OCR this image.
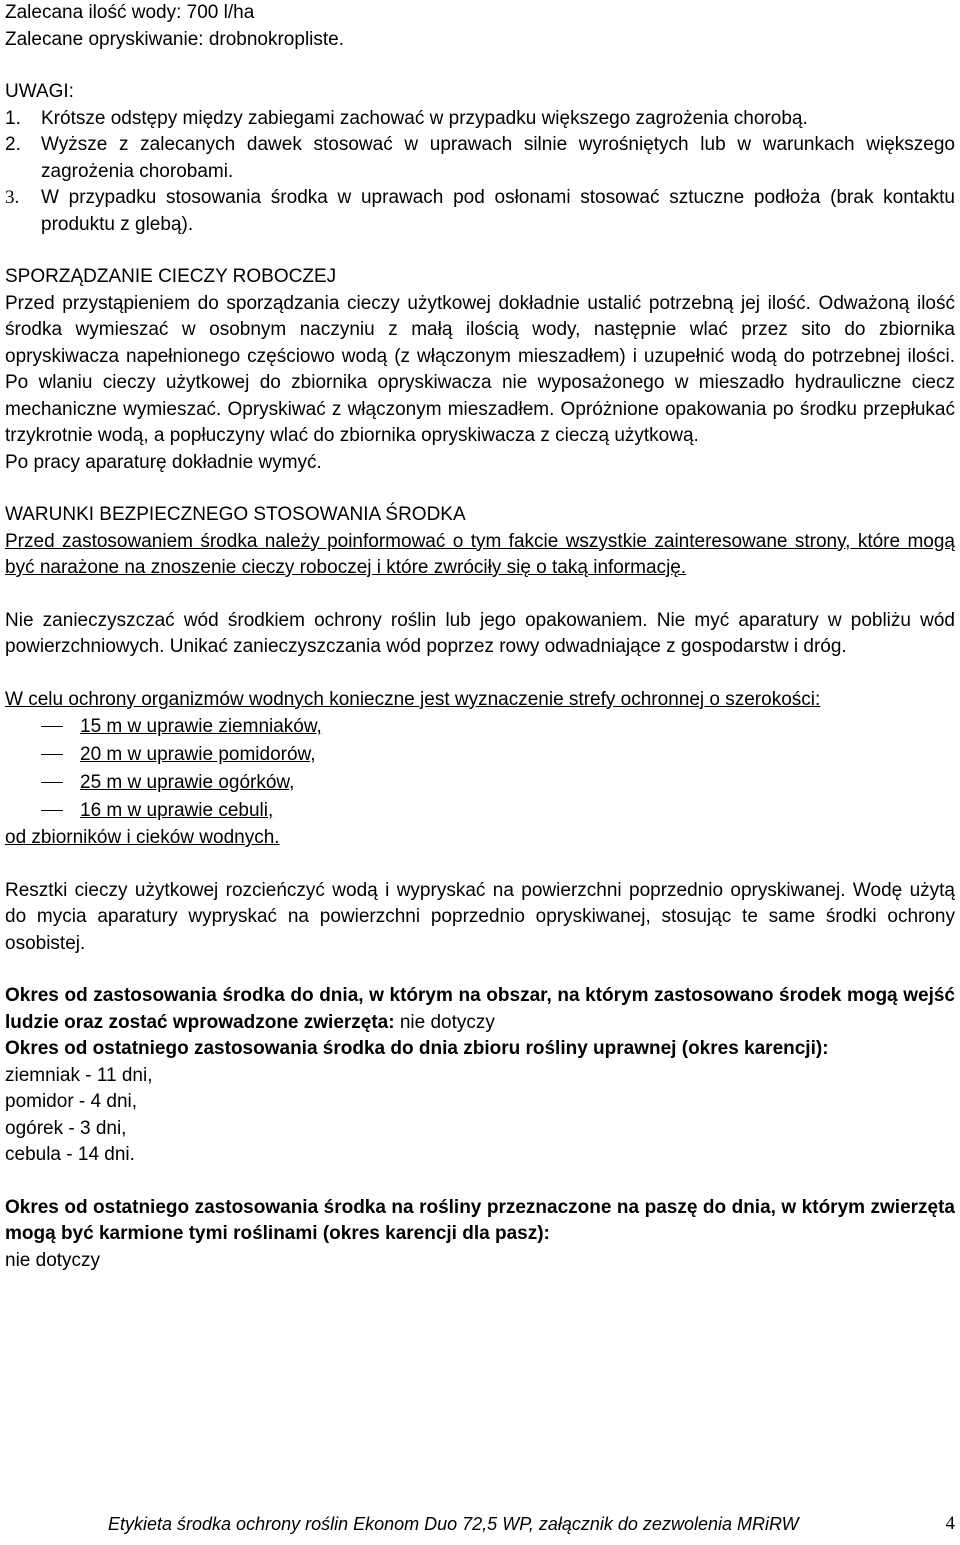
Zalecana ilość wody: 700 l/ha

Zalecane opryskiwanie: drobnokropliste.

UWAGI:

1.	Krótsze odstępy między zabiegami zachować w przypadku większego zagrożenia chorobą.
2.	Wyższe z zalecanych dawek stosować w uprawach silnie wyrośniętych lub w warunkach większego zagrożenia chorobami.
3.	W przypadku stosowania środka w uprawach pod osłonami stosować sztuczne podłoża (brak kontaktu produktu z glebą).

SPORZĄDZANIE CIECZY ROBOCZEJ

Przed przystąpieniem do sporządzania cieczy użytkowej dokładnie ustalić potrzebną jej ilość. Odważoną ilość środka wymieszać w osobnym naczyniu z małą ilością wody, następnie wlać przez sito do zbiornika opryskiwacza napełnionego częściowo wodą (z włączonym mieszadłem) i uzupełnić wodą do potrzebnej ilości. Po wlaniu cieczy użytkowej do zbiornika opryskiwacza nie wyposażonego w mieszadło hydrauliczne ciecz mechaniczne wymieszać. Opryskiwać z włączonym mieszadłem. Opróżnione opakowania po środku przepłukać trzykrotnie wodą, a popłuczyny wlać do zbiornika opryskiwacza z cieczą użytkową.

Po pracy aparaturę dokładnie wymyć.

WARUNKI BEZPIECZNEGO STOSOWANIA ŚRODKA

Przed zastosowaniem środka należy poinformować o tym fakcie wszystkie zainteresowane strony, które mogą być narażone na znoszenie cieczy roboczej i które zwróciły się o taką informację.

Nie zanieczyszczać wód środkiem ochrony roślin lub jego opakowaniem. Nie myć aparatury w pobliżu wód powierzchniowych. Unikać zanieczyszczania wód poprzez rowy odwadniające z gospodarstw i dróg.

W celu ochrony organizmów wodnych konieczne jest wyznaczenie strefy ochronnej o szerokości:

15 m w uprawie ziemniaków,
20 m w uprawie pomidorów,
25 m w uprawie ogórków,
16 m w uprawie cebuli,

od zbiorników i cieków wodnych.

Resztki cieczy użytkowej rozcieńczyć wodą i wypryskać na powierzchni poprzednio opryskiwanej. Wodę użytą do mycia aparatury wypryskać na powierzchni poprzednio opryskiwanej, stosując te same środki ochrony osobistej.

Okres od zastosowania środka do dnia, w którym na obszar, na którym zastosowano środek mogą wejść ludzie oraz zostać wprowadzone zwierzęta: nie dotyczy

Okres od ostatniego zastosowania środka do dnia zbioru rośliny uprawnej (okres karencji):

ziemniak - 11 dni,

pomidor - 4 dni,

ogórek - 3 dni,

cebula - 14 dni.

Okres od ostatniego zastosowania środka na rośliny przeznaczone na paszę do dnia, w którym zwierzęta mogą być karmione tymi roślinami (okres karencji dla pasz):

nie dotyczy

Etykieta środka ochrony roślin Ekonom Duo 72,5 WP, załącznik do zezwolenia MRiRW	4
